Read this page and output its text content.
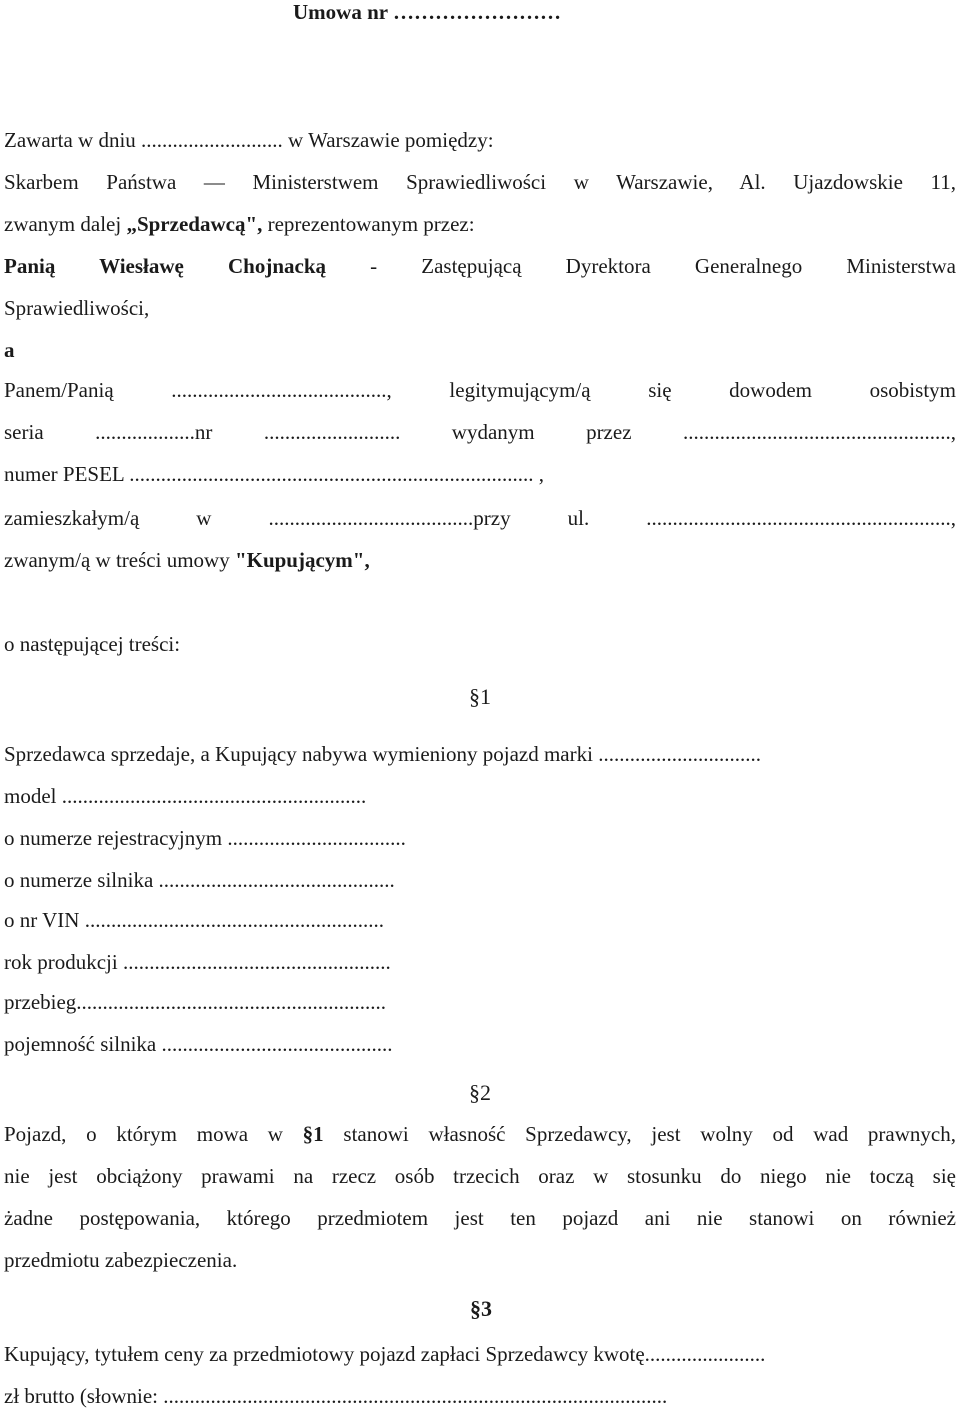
Umowa nr ……………………
Zawarta w dniu ........................... w Warszawie pomiędzy:
Skarbem Państwa — Ministerstwem Sprawiedliwości w Warszawie, Al. Ujazdowskie 11,
zwanym dalej „Sprzedawcą", reprezentowanym przez:
Panią Wiesławę Chojnacką - Zastępującą Dyrektora Generalnego Ministerstwa
Sprawiedliwości,
a
Panem/Panią ........................................., legitymującym/ą się dowodem osobistym
seria ...................nr .......................... wydanym przez ...................................................,
numer PESEL ............................................................................. ,
zamieszkałym/ą w .......................................przy ul. ..........................................................,
zwanym/ą w treści umowy "Kupującym",
o następującej treści:
§1
Sprzedawca sprzedaje, a Kupujący nabywa wymieniony pojazd marki ...............................
model ..........................................................
o numerze rejestracyjnym ..................................
o numerze silnika .............................................
o nr VIN .........................................................
rok produkcji ...................................................
przebieg...........................................................
pojemność silnika ............................................
§2
Pojazd, o którym mowa w §1 stanowi własność Sprzedawcy, jest wolny od wad prawnych,
nie jest obciążony prawami na rzecz osób trzecich oraz w stosunku do niego nie toczą się
żadne postępowania, którego przedmiotem jest ten pojazd ani nie stanowi on również
przedmiotu zabezpieczenia.
§3
Kupujący, tytułem ceny za przedmiotowy pojazd zapłaci Sprzedawcy kwotę.......................
zł brutto (słownie: ................................................................................................
